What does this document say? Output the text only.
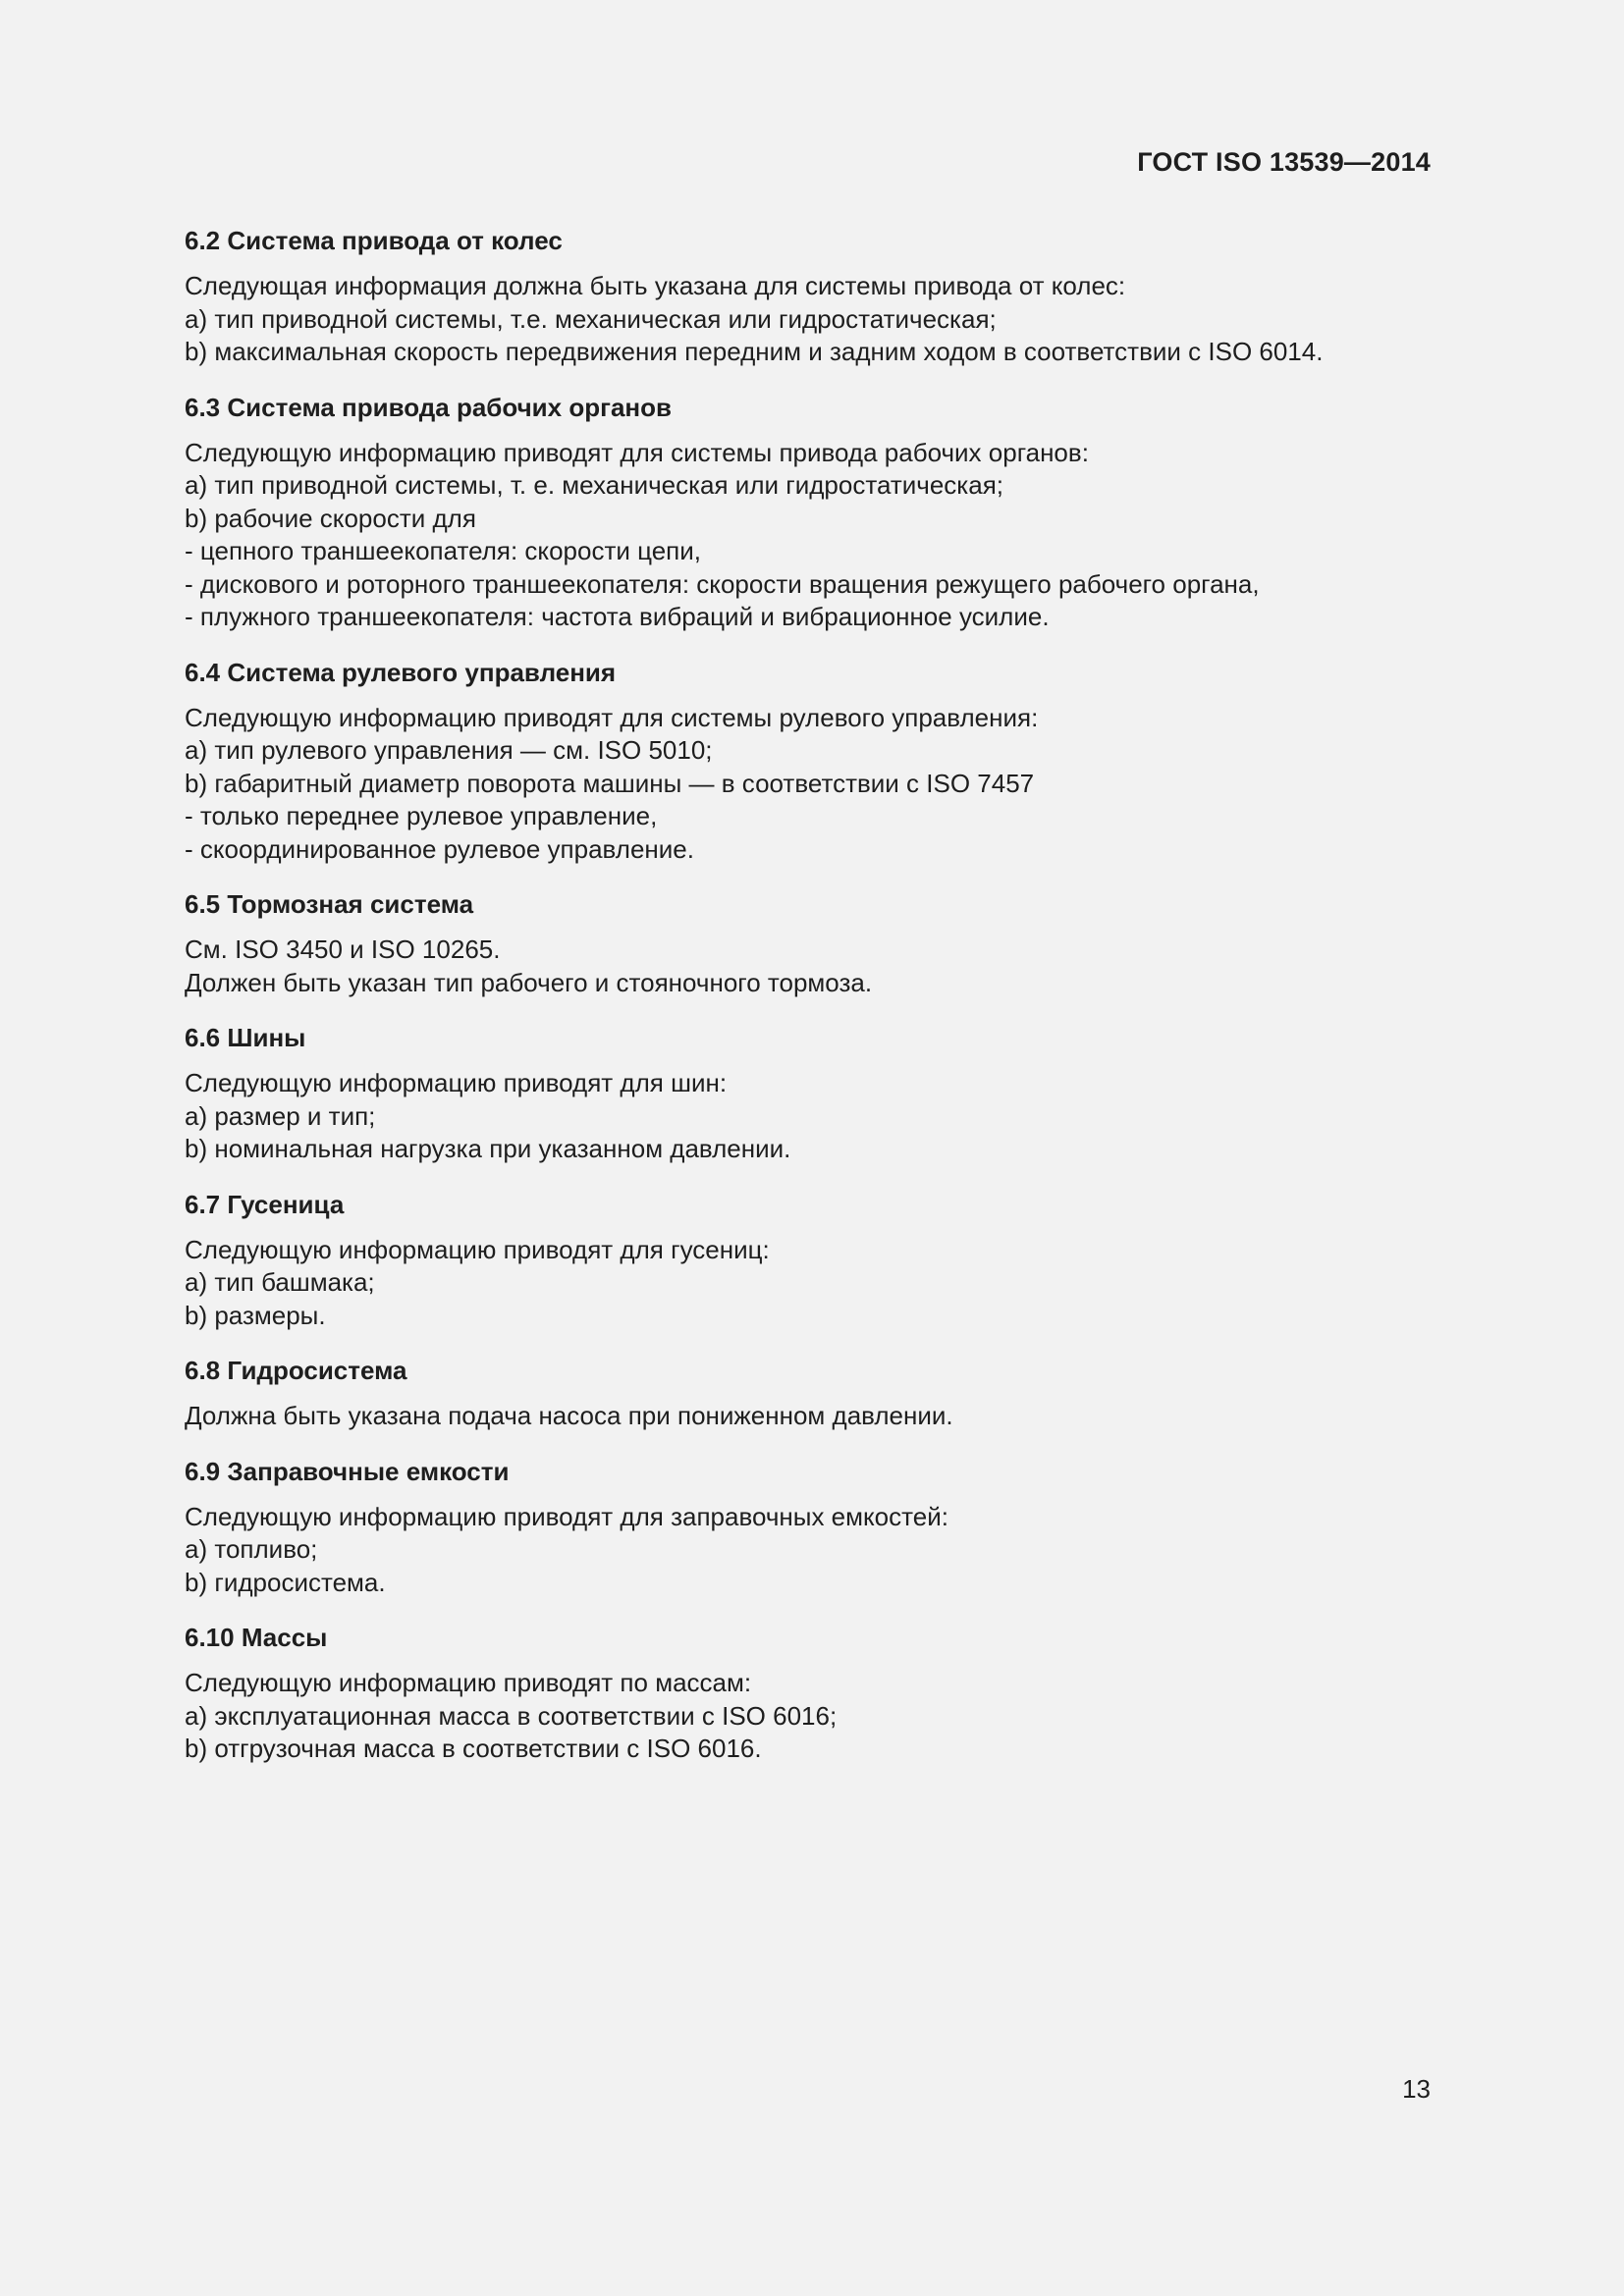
ГОСТ ISO 13539—2014
6.2 Система привода от колес

Следующая информация должна быть указана для системы привода от колес:

a) тип приводной системы, т.е. механическая или гидростатическая;

b) максимальная скорость передвижения передним и задним ходом в соответствии с ISO 6014.

6.3 Система привода рабочих органов

Следующую информацию приводят для системы привода рабочих органов:

a) тип приводной системы, т. е. механическая или гидростатическая;

b) рабочие скорости для

- цепного траншеекопателя: скорости цепи,

- дискового и роторного траншеекопателя: скорости вращения режущего рабочего органа,

- плужного траншеекопателя: частота вибраций и вибрационное усилие.

6.4 Система рулевого управления

Следующую информацию приводят для системы рулевого управления:

a) тип рулевого управления — см. ISO 5010;

b) габаритный диаметр поворота машины — в соответствии с ISO 7457

- только переднее рулевое управление,

- скоординированное рулевое управление.

6.5 Тормозная система

См. ISO 3450 и ISO 10265.

Должен быть указан тип рабочего и стояночного тормоза.

6.6 Шины

Следующую информацию приводят для шин:

a) размер и тип;

b) номинальная нагрузка при указанном давлении.

6.7 Гусеница

Следующую информацию приводят для гусениц:

a) тип башмака;

b) размеры.

6.8 Гидросистема

Должна быть указана подача насоса при пониженном давлении.

6.9 Заправочные емкости

Следующую информацию приводят для заправочных емкостей:

a) топливо;

b) гидросистема.

6.10 Массы

Следующую информацию приводят по массам:

a) эксплуатационная масса в соответствии с ISO 6016;

b) отгрузочная масса в соответствии с ISO 6016.

13
